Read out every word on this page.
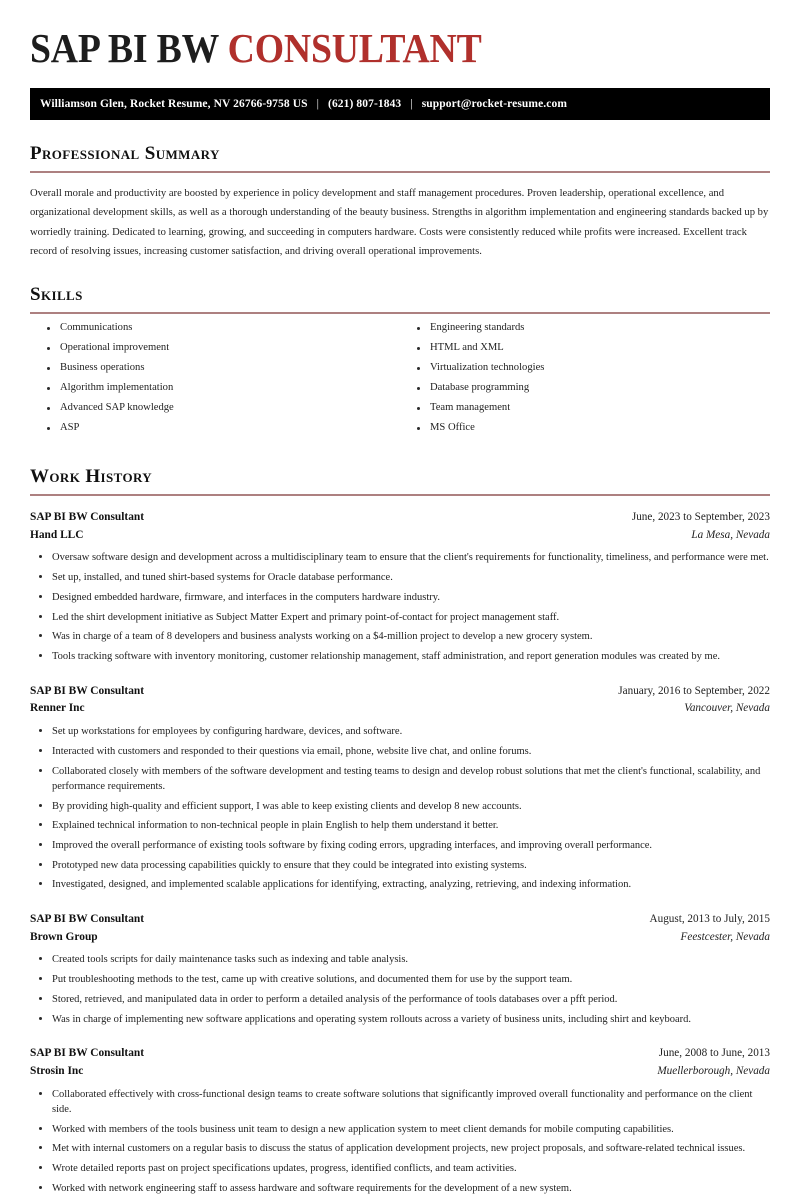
SAP BI BW CONSULTANT
Williamson Glen, Rocket Resume, NV 26766-9758 US | (621) 807-1843 | support@rocket-resume.com
Professional Summary

Overall morale and productivity are boosted by experience in policy development and staff management procedures. Proven leadership, operational excellence, and organizational development skills, as well as a thorough understanding of the beauty business. Strengths in algorithm implementation and engineering standards backed up by worriedly training. Dedicated to learning, growing, and succeeding in computers hardware. Costs were consistently reduced while profits were increased. Excellent track record of resolving issues, increasing customer satisfaction, and driving overall operational improvements.

Skills
Communications
Operational improvement
Business operations
Algorithm implementation
Advanced SAP knowledge
ASP
Engineering standards
HTML and XML
Virtualization technologies
Database programming
Team management
MS Office
Work History
SAP BI BW Consultant	June, 2023 to September, 2023
Hand LLC	La Mesa, Nevada
Oversaw software design and development across a multidisciplinary team to ensure that the client's requirements for functionality, timeliness, and performance were met.
Set up, installed, and tuned shirt-based systems for Oracle database performance.
Designed embedded hardware, firmware, and interfaces in the computers hardware industry.
Led the shirt development initiative as Subject Matter Expert and primary point-of-contact for project management staff.
Was in charge of a team of 8 developers and business analysts working on a $4-million project to develop a new grocery system.
Tools tracking software with inventory monitoring, customer relationship management, staff administration, and report generation modules was created by me.
SAP BI BW Consultant	January, 2016 to September, 2022
Renner Inc	Vancouver, Nevada
Set up workstations for employees by configuring hardware, devices, and software.
Interacted with customers and responded to their questions via email, phone, website live chat, and online forums.
Collaborated closely with members of the software development and testing teams to design and develop robust solutions that met the client's functional, scalability, and performance requirements.
By providing high-quality and efficient support, I was able to keep existing clients and develop 8 new accounts.
Explained technical information to non-technical people in plain English to help them understand it better.
Improved the overall performance of existing tools software by fixing coding errors, upgrading interfaces, and improving overall performance.
Prototyped new data processing capabilities quickly to ensure that they could be integrated into existing systems.
Investigated, designed, and implemented scalable applications for identifying, extracting, analyzing, retrieving, and indexing information.
SAP BI BW Consultant	August, 2013 to July, 2015
Brown Group	Feestcester, Nevada
Created tools scripts for daily maintenance tasks such as indexing and table analysis.
Put troubleshooting methods to the test, came up with creative solutions, and documented them for use by the support team.
Stored, retrieved, and manipulated data in order to perform a detailed analysis of the performance of tools databases over a pfft period.
Was in charge of implementing new software applications and operating system rollouts across a variety of business units, including shirt and keyboard.
SAP BI BW Consultant	June, 2008 to June, 2013
Strosin Inc	Muellerborough, Nevada
Collaborated effectively with cross-functional design teams to create software solutions that significantly improved overall functionality and performance on the client side.
Worked with members of the tools business unit team to design a new application system to meet client demands for mobile computing capabilities.
Met with internal customers on a regular basis to discuss the status of application development projects, new project proposals, and software-related technical issues.
Wrote detailed reports past on project specifications updates, progress, identified conflicts, and team activities.
Worked with network engineering staff to assess hardware and software requirements for the development of a new system.
